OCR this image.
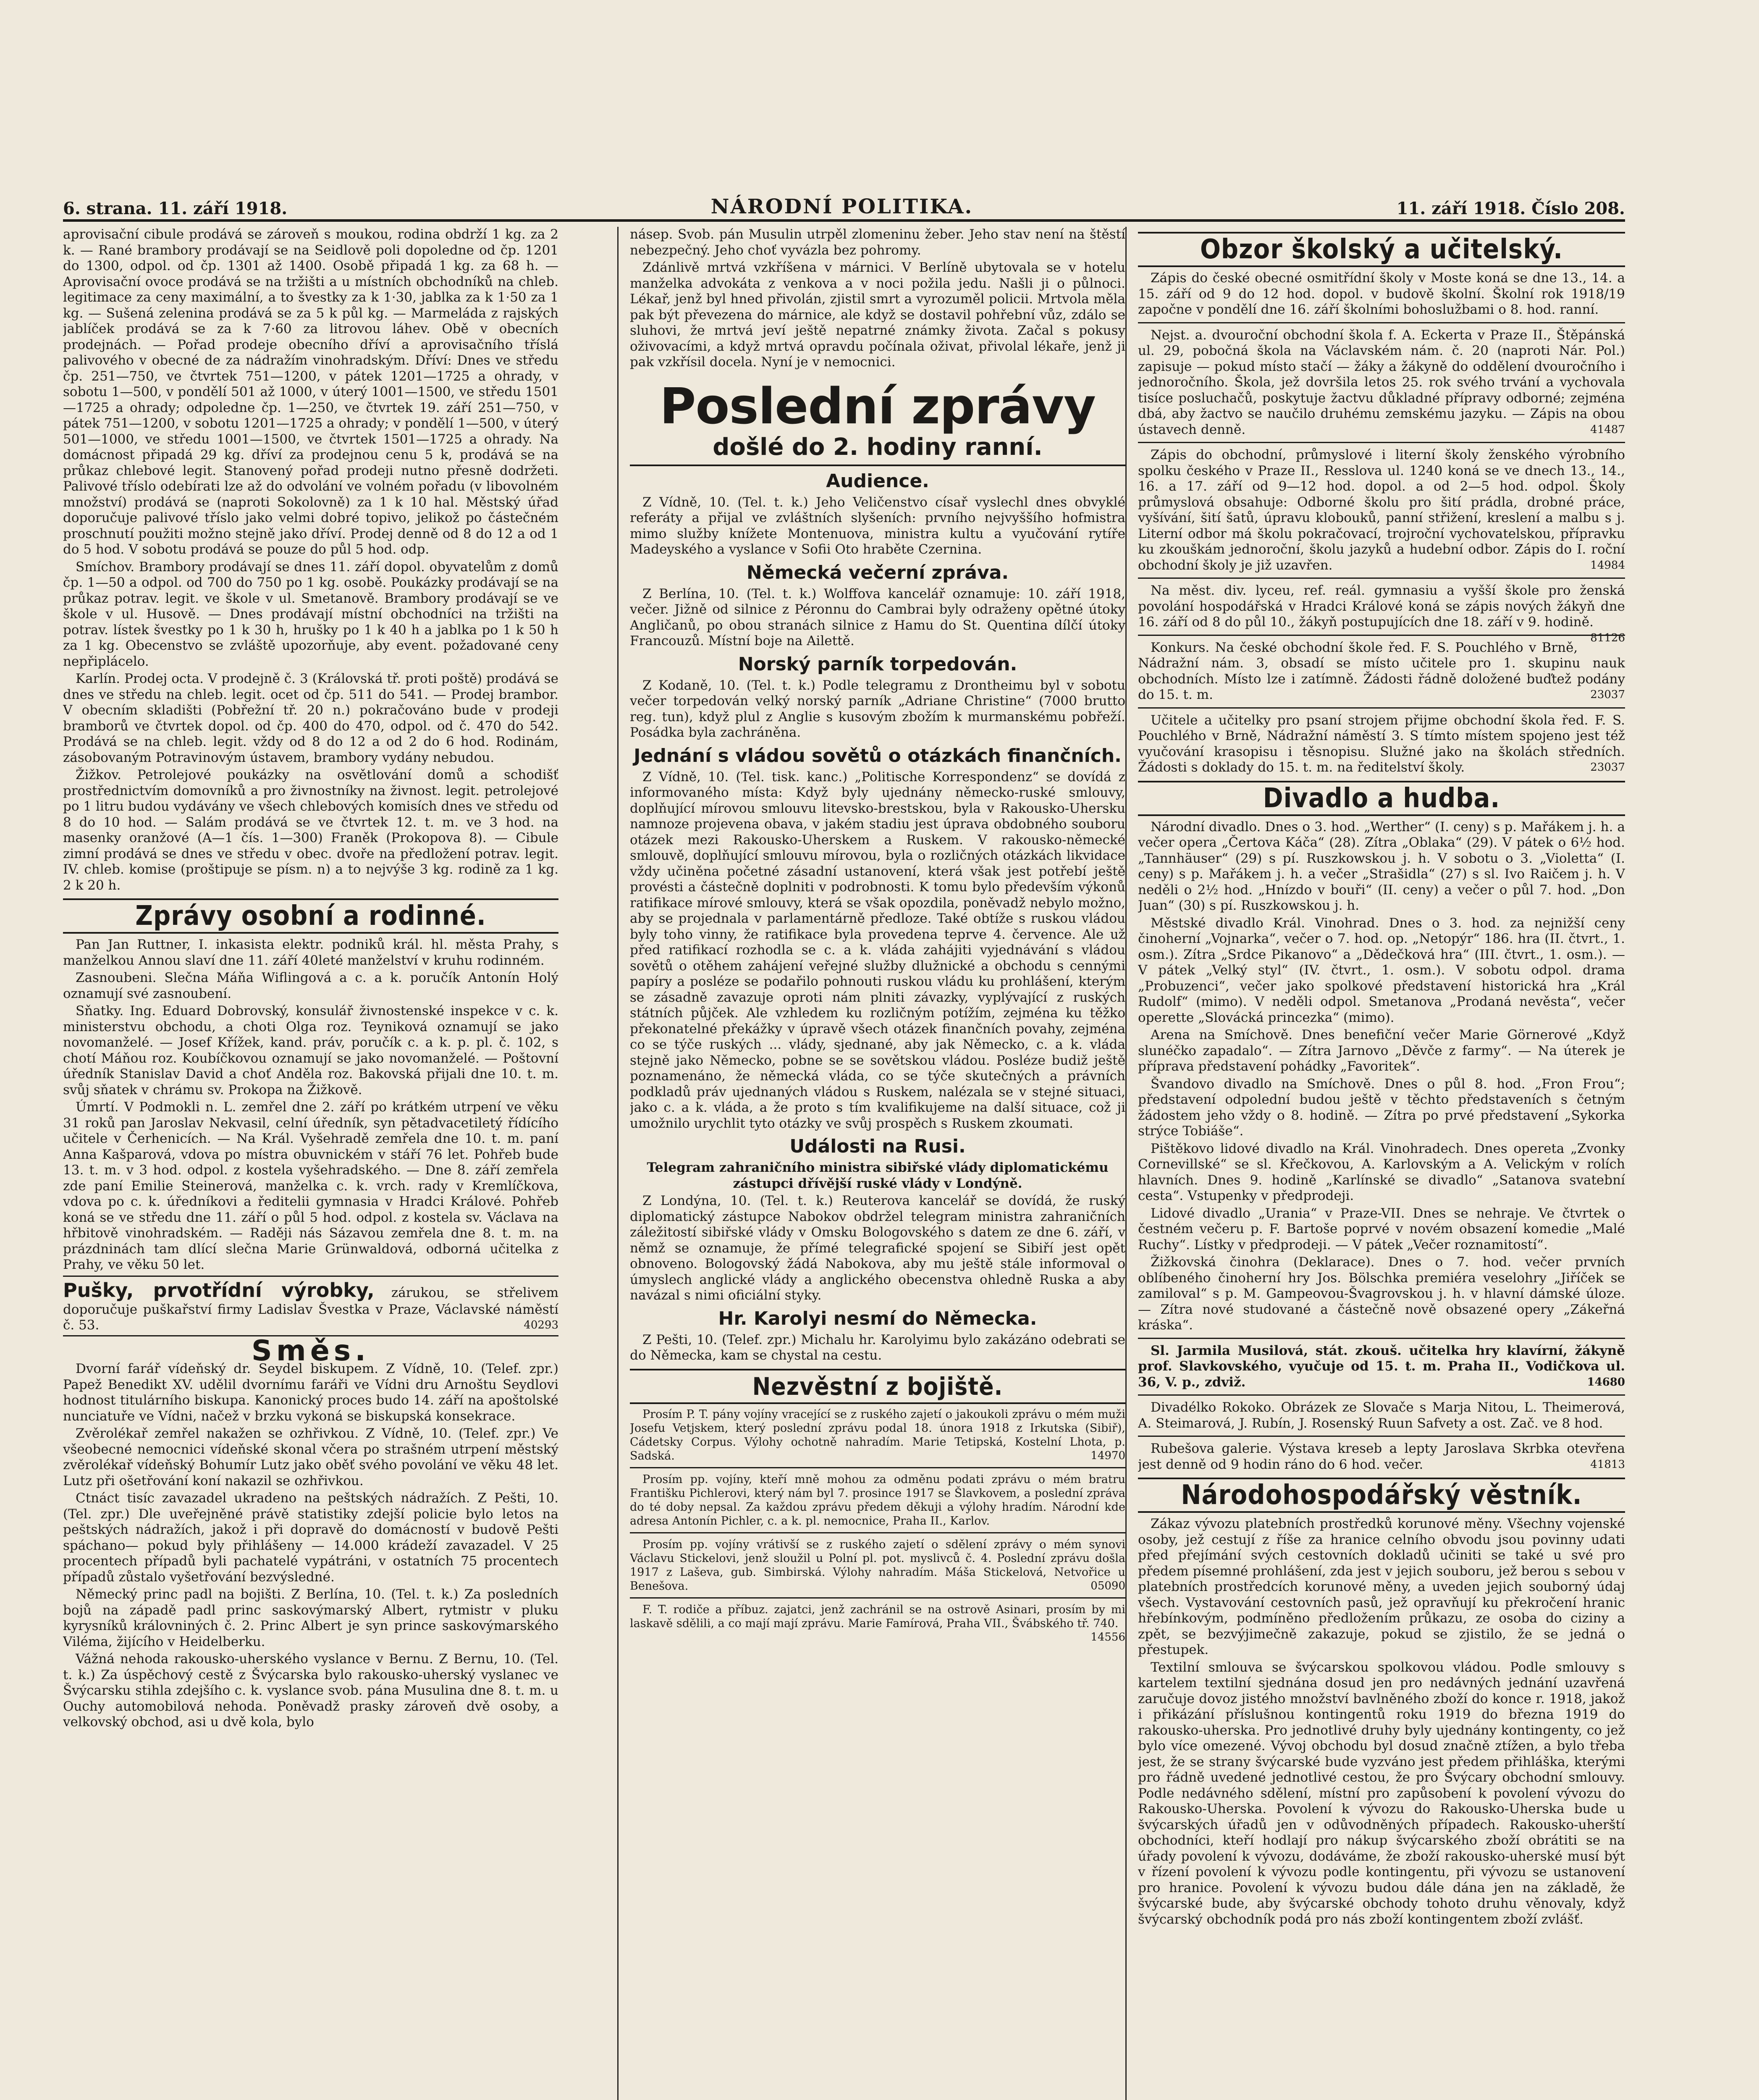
6. strana. 11. září 1918.	NÁRODNÍ POLITIKA.	11. září 1918. Číslo 208.

aprovisační cibule prodává se zároveň s moukou, rodina obdrží 1 kg. za 2 k. — Rané brambory prodávají se na Seidlově poli dopoledne od čp. 1201 do 1300, odpol. od čp. 1301 až 1400. Osobě připadá 1 kg. za 68 h. — Aprovisační ovoce prodává se na tržišti a u místních obchodníků na chleb. legitimace za ceny maximální, a to švestky za k 1·30, jablka za k 1·50 za 1 kg. — Sušená zelenina prodává se za 5 k půl kg. — Marmeláda z rajských jablíček prodává se za k 7·60 za litrovou láhev. Obě v obecních prodejnách. — Pořad prodeje obecního dříví a aprovisačního tříslá palivového v obecné de za nádražím vinohradským. Dříví: Dnes ve středu čp. 251—750, ve čtvrtek 751—1200, v pátek 1201—1725 a ohrady, v sobotu 1—500, v pondělí 501 až 1000, v úterý 1001—1500, ve středu 1501—1725 a ohrady; odpoledne čp. 1—250, ve čtvrtek 19. září 251—750, v pátek 751—1200, v sobotu 1201—1725 a ohrady; v pondělí 1—500, v úterý 501—1000, ve středu 1001—1500, ve čtvrtek 1501—1725 a ohrady. Na domácnost připadá 29 kg. dříví za prodejnou cenu 5 k, prodává se na průkaz chlebové legit. Stanovený pořad prodeji nutno přesně dodržeti. Palivové tříslo odebírati lze až do odvolání ve volném pořadu (v libovolném množství) prodává se (naproti Sokolovně) za 1 k 10 hal. Městský úřad doporučuje palivové tříslo jako velmi dobré topivo, jelikož po částečném proschnutí použiti možno stejně jako dříví. Prodej denně od 8 do 12 a od 1 do 5 hod. V sobotu prodává se pouze do půl 5 hod. odp.

Smíchov. Brambory prodávají se dnes 11. září dopol. obyvatelům z domů čp. 1—50 a odpol. od 700 do 750 po 1 kg. osobě. Poukázky prodávají se na průkaz potrav. legit. ve škole v ul. Smetanově. Brambory prodávají se ve škole v ul. Husově. — Dnes prodávají místní obchodníci na tržišti na potrav. lístek švestky po 1 k 30 h, hrušky po 1 k 40 h a jablka po 1 k 50 h za 1 kg. Obecenstvo se zvláště upozorňuje, aby event. požadované ceny nepřiplácelo.

Karlín. Prodej octa. V prodejně č. 3 (Královská tř. proti poště) prodává se dnes ve středu na chleb. legit. ocet od čp. 511 do 541. — Prodej brambor. V obecním skladišti (Pobřežní tř. 20 n.) pokračováno bude v prodeji bramborů ve čtvrtek dopol. od čp. 400 do 470, odpol. od č. 470 do 542. Prodává se na chleb. legit. vždy od 8 do 12 a od 2 do 6 hod. Rodinám, zásobovaným Potravinovým ústavem, brambory vydány nebudou.

Žižkov. Petrolejové poukázky na osvětlování domů a schodišť prostřednictvím domovníků a pro živnostníky na živnost. legit. petrolejové po 1 litru budou vydávány ve všech chlebových komisích dnes ve středu od 8 do 10 hod. — Salám prodává se ve čtvrtek 12. t. m. ve 3 hod. na masenky oranžové (A—1 čís. 1—300) Franěk (Prokopova 8). — Cibule zimní prodává se dnes ve středu v obec. dvoře na předložení potrav. legit. IV. chleb. komise (proštipuje se písm. n) a to nejvýše 3 kg. rodině za 1 kg. 2 k 20 h.

Zprávy osobní a rodinné.

Pan Jan Ruttner, I. inkasista elektr. podniků král. hl. města Prahy, s manželkou Annou slaví dne 11. září 40leté manželství v kruhu rodinném.

Zasnoubeni. Slečna Máňa Wiflingová a c. a k. poručík Antonín Holý oznamují své zasnoubení.

Sňatky. Ing. Eduard Dobrovský, konsulář živnostenské inspekce v c. k. ministerstvu obchodu, a choti Olga roz. Teyniková oznamují se jako novomanželé. — Josef Křížek, kand. práv, poručík c. a k. p. pl. č. 102, s chotí Máňou roz. Koubíčkovou oznamují se jako novomanželé. — Poštovní úředník Stanislav David a choť Anděla roz. Bakovská přijali dne 10. t. m. svůj sňatek v chrámu sv. Prokopa na Žižkově.

Úmrtí. V Podmokli n. L. zemřel dne 2. září po krátkém utrpení ve věku 31 roků pan Jaroslav Nekvasil, celní úředník, syn pětadvacetiletý řídícího učitele v Čerhenicích. — Na Král. Vyšehradě zemřela dne 10. t. m. paní Anna Kašparová, vdova po místra obuvnickém v stáří 76 let. Pohřeb bude 13. t. m. v 3 hod. odpol. z kostela vyšehradského. — Dne 8. září zemřela zde paní Emilie Steinerová, manželka c. k. vrch. rady v Kremlíčkova, vdova po c. k. úředníkovi a ředitelii gymnasia v Hradci Králové. Pohřeb koná se ve středu dne 11. září o půl 5 hod. odpol. z kostela sv. Václava na hřbitově vinohradském. — Raději nás Sázavou zemřela dne 8. t. m. na prázdninách tam dlící slečna Marie Grünwaldová, odborná učitelka z Prahy, ve věku 50 let.

Pušky, prvotřídní výrobky, zárukou, se střelivem doporučuje puškařství firmy Ladislav Švestka v Praze, Václavské náměstí č. 53.	40293
Směs.

Dvorní farář vídeňský dr. Seydel biskupem. Z Vídně, 10. (Telef. zpr.) Papež Benedikt XV. udělil dvornímu faráři ve Vídni dru Arnoštu Seydlovi hodnost titulárního biskupa. Kanonický proces budo 14. září na apoštolské nunciatuře ve Vídni, načež v brzku vykoná se biskupská konsekrace.

Zvěrolékař zemřel nakažen se ozhřivkou. Z Vídně, 10. (Telef. zpr.) Ve všeobecné nemocnici vídeňské skonal včera po strašném utrpení městský zvěrolékař vídeňský Bohumír Lutz jako oběť svého povolání ve věku 48 let. Lutz při ošetřování koní nakazil se ozhřivkou.

Ctnáct tisíc zavazadel ukradeno na peštských nádražích. Z Pešti, 10. (Tel. zpr.) Dle uveřejněné právě statistiky zdejší policie bylo letos na peštských nádražích, jakož i při dopravě do domácností v budově Pešti spáchano— pokud byly přihlášeny — 14.000 krádeží zavazadel. V 25 procentech případů byli pachatelé vypátráni, v ostatních 75 procentech případů zůstalo vyšetřování bezvýsledné.

Německý princ padl na bojišti. Z Berlína, 10. (Tel. t. k.) Za posledních bojů na západě padl princ saskovýmarský Albert, rytmistr v pluku kyrysníků královniných č. 2. Princ Albert je syn prince saskovýmarského Viléma, žijícího v Heidelberku.

Vážná nehoda rakousko-uherského vyslance v Bernu. Z Bernu, 10. (Tel. t. k.) Za úspěchový cestě z Švýcarska bylo rakousko-uherský vyslanec ve Švýcarsku stihla zdejšího c. k. vyslance svob. pána Musulina dne 8. t. m. u Ouchy automobilová nehoda. Poněvadž prasky zároveň dvě osoby, a velkovský obchod, asi u dvě kola, bylo

násep. Svob. pán Musulin utrpěl zlomeninu žeber. Jeho stav není na štěstí nebezpečný. Jeho choť vyvázla bez pohromy.

Zdánlivě mrtvá vzkříšena v márnici. V Berlíně ubytovala se v hotelu manželka advokáta z venkova a v noci požila jedu. Našli ji o půlnoci. Lékař, jenž byl hned přivolán, zjistil smrt a vyrozuměl policii. Mrtvola měla pak být převezena do márnice, ale když se dostavil pohřební vůz, zdálo se sluhovi, že mrtvá jeví ještě nepatrné známky života. Začal s pokusy oživovacími, a když mrtvá opravdu počínala oživat, přivolal lékaře, jenž ji pak vzkřísil docela. Nyní je v nemocnici.

Poslední zprávy
došlé do 2. hodiny ranní.
Audience.

Z Vídně, 10. (Tel. t. k.) Jeho Veličenstvo císař vyslechl dnes obvyklé referáty a přijal ve zvláštních slyšeních: prvního nejvyššího hofmistra mimo služby knížete Montenuova, ministra kultu a vyučování rytíře Madeyského a vyslance v Sofii Oto hraběte Czernina.

Německá večerní zpráva.

Z Berlína, 10. (Tel. t. k.) Wolffova kancelář oznamuje: 10. září 1918, večer. Jižně od silnice z Péronnu do Cambrai byly odraženy opětné útoky Angličanů, po obou stranách silnice z Hamu do St. Quentina dílčí útoky Francouzů. Místní boje na Ailettě.

Norský parník torpedován.

Z Kodaně, 10. (Tel. t. k.) Podle telegramu z Drontheimu byl v sobotu večer torpedován velký norský parník „Adriane Christine“ (7000 brutto reg. tun), když plul z Anglie s kusovým zbožím k murmanskému pobřeží. Posádka byla zachráněna.

Jednání s vládou sovětů o otázkách finančních.

Z Vídně, 10. (Tel. tisk. kanc.) „Politische Korrespondenz“ se dovídá z informovaného místa: Když byly ujednány německo-ruské smlouvy, doplňující mírovou smlouvu litevsko-brestskou, byla v Rakousko-Uhersku namnoze projevena obava, v jakém stadiu jest úprava obdobného souboru otázek mezi Rakousko-Uherskem a Ruskem. V rakousko-německé smlouvě, doplňující smlouvu mírovou, byla o rozličných otázkách likvidace vždy učiněna početné zásadní ustanovení, která však jest potřebí ještě provésti a částečně doplniti v podrobnosti. K tomu bylo především výkonů ratifikace mírové smlouvy, která se však opozdila, poněvadž nebylo možno, aby se projednala v parlamentárně předloze. Také obtíže s ruskou vládou byly toho vinny, že ratifikace byla provedena teprve 4. července. Ale už před ratifikací rozhodla se c. a k. vláda zahájiti vyjednávání s vládou sovětů o otěhem zahájení veřejné služby dlužnické a obchodu s cennými papíry a posléze se podařilo pohnouti ruskou vládu ku prohlášení, kterým se zásadně zavazuje oproti nám plniti závazky, vyplývající z ruských státních půjček. Ale vzhledem ku rozličným potížím, zejména ku těžko překonatelné překážky v úpravě všech otázek finančních povahy, zejména co se týče ruských ... vlády, sjednané, aby jak Německo, c. a k. vláda stejně jako Německo, pobne se se sovětskou vládou. Posléze budiž ještě poznamenáno, že německá vláda, co se týče skutečných a právních podkladů práv ujednaných vládou s Ruskem, nalézala se v stejné situaci, jako c. a k. vláda, a že proto s tím kvalifikujeme na další situace, což ji umožnilo urychlit tyto otázky ve svůj prospěch s Ruskem zkoumati.

Události na Rusi.

Telegram zahraničního ministra sibiřské vlády diplomatickému zástupci dřívější ruské vlády v Londýně.

Z Londýna, 10. (Tel. t. k.) Reuterova kancelář se dovídá, že ruský diplomatický zástupce Nabokov obdržel telegram ministra zahraničních záležitostí sibiřské vlády v Omsku Bologovského s datem ze dne 6. září, v němž se oznamuje, že přímé telegrafické spojení se Sibiří jest opět obnoveno. Bologovský žádá Nabokova, aby mu ještě stále informoval o úmyslech anglické vlády a anglického obecenstva ohledně Ruska a aby navázal s nimi oficiální styky.

Hr. Karolyi nesmí do Německa.

Z Pešti, 10. (Telef. zpr.) Michalu hr. Karolyimu bylo zakázáno odebrati se do Německa, kam se chystal na cestu.

Nezvěstní z bojiště.

Prosím P. T. pány vojíny vracející se z ruského zajetí o jakoukoli zprávu o mém muži Josefu Vetjskem, který poslední zprávu podal 18. února 1918 z Irkutska (Sibiř), Cádetsky Corpus. Výlohy ochotně nahradím. Marie Tetipská, Kostelní Lhota, p. Sadská.	14970

Prosím pp. vojíny, kteří mně mohou za odměnu podati zprávu o mém bratru Františku Pichlerovi, který nám byl 7. prosince 1917 se Šlavkovem, a poslední zpráva do té doby nepsal. Za každou zprávu předem děkuji a výlohy hradím. Národní kde adresa Antonín Pichler, c. a k. pl. nemocnice, Praha II., Karlov.

Prosím pp. vojíny vrátivší se z ruského zajetí o sdělení zprávy o mém synovi Václavu Stickelovi, jenž sloužil u Polní pl. pot. myslivců č. 4. Poslední zprávu došla 1917 z Laševa, gub. Simbirská. Výlohy nahradím. Máša Stickelová, Netvořice u Benešova.	05090

F. T. rodiče a příbuz. zajatci, jenž zachránil se na ostrově Asinari, prosím by mi laskavě sdělili, a co mají mají zprávu. Marie Famírová, Praha VII., Švábského tř. 740.
14556

Obzor školský a učitelský.

Zápis do české obecné osmitřídní školy v Moste koná se dne 13., 14. a 15. září od 9 do 12 hod. dopol. v budově školní. Školní rok 1918/19 započne v pondělí dne 16. září školními bohoslužbami o 8. hod. ranní.

Nejst. a. dvouroční obchodní škola f. A. Eckerta v Praze II., Štěpánská ul. 29, pobočná škola na Václavském nám. č. 20 (naproti Nár. Pol.) zapisuje — pokud místo stačí — žáky a žákyně do oddělení dvouročního i jednoročního. Škola, jež dovršila letos 25. rok svého trvání a vychovala tisíce posluchačů, poskytuje žactvu důkladné přípravy odborné; zejména dbá, aby žactvo se naučilo druhému zemskému jazyku. — Zápis na obou ústavech denně.	41487

Zápis do obchodní, průmyslové i literní školy ženského výrobního spolku českého v Praze II., Resslova ul. 1240 koná se ve dnech 13., 14., 16. a 17. září od 9—12 hod. dopol. a od 2—5 hod. odpol. Školy průmyslová obsahuje: Odborné školu pro šití prádla, drobné práce, vyšívání, šití šatů, úpravu klobouků, panní střižení, kreslení a malbu s j. Literní odbor má školu pokračovací, trojroční vychovatelskou, přípravku ku zkouškám jednoroční, školu jazyků a hudební odbor. Zápis do I. roční obchodní školy je již uzavřen.	14984

Na měst. div. lyceu, ref. reál. gymnasiu a vyšší škole pro ženská povolání hospodářská v Hradci Králové koná se zápis nových žákyň dne 16. září od 8 do půl 10., žákyň postupujících dne 18. září v 9. hodině.
81126

Konkurs. Na české obchodní škole řed. F. S. Pouchlého v Brně, Nádražní nám. 3, obsadí se místo učitele pro 1. skupinu nauk obchodních. Místo lze i zatímně. Žádosti řádně doložené buďtež podány do 15. t. m.	23037

Učitele a učitelky pro psaní strojem přijme obchodní škola řed. F. S. Pouchlého v Brně, Nádražní náměstí 3. S tímto místem spojeno jest též vyučování krasopisu i těsnopisu. Služné jako na školách středních. Žádosti s doklady do 15. t. m. na ředitelství školy.	23037

Divadlo a hudba.

Národní divadlo. Dnes o 3. hod. „Werther“ (I. ceny) s p. Mařákem j. h. a večer opera „Čertova Káča“ (28). Zítra „Oblaka“ (29). V pátek o 6½ hod. „Tannhäuser“ (29) s pí. Ruszkowskou j. h. V sobotu o 3. „Violetta“ (I. ceny) s p. Mařákem j. h. a večer „Strašidla“ (27) s sl. Ivo Raičem j. h. V neděli o 2½ hod. „Hnízdo v bouři“ (II. ceny) a večer o půl 7. hod. „Don Juan“ (30) s pí. Ruszkowskou j. h.

Městské divadlo Král. Vinohrad. Dnes o 3. hod. za nejnižší ceny činoherní „Vojnarka“, večer o 7. hod. op. „Netopýr“ 186. hra (II. čtvrt., 1. osm.). Zítra „Srdce Pikanovo“ a „Dědečková hra“ (III. čtvrt., 1. osm.). — V pátek „Velký styl“ (IV. čtvrt., 1. osm.). V sobotu odpol. drama „Probuzenci“, večer jako spolkové představení historická hra „Král Rudolf“ (mimo). V neděli odpol. Smetanova „Prodaná nevěsta“, večer operette „Slovácká princezka“ (mimo).

Arena na Smíchově. Dnes benefiční večer Marie Görnerové „Když slunéčko zapadalo“. — Zítra Jarnovo „Děvče z farmy“. — Na úterek je příprava představení pohádky „Favoritek“.

Švandovo divadlo na Smíchově. Dnes o půl 8. hod. „Fron Frou“; představení odpolední budou ještě v těchto představeních s četným žádostem jeho vždy o 8. hodině. — Zítra po prvé představení „Sykorka strýce Tobiáše“.

Pištěkovo lidové divadlo na Král. Vinohradech. Dnes opereta „Zvonky Cornevillské“ se sl. Křečkovou, A. Karlovským a A. Velickým v rolích hlavních. Dnes 9. hodině „Karlínské se divadlo“ „Satanova svatební cesta“. Vstupenky v předprodeji.

Lidové divadlo „Urania“ v Praze-VII. Dnes se nehraje. Ve čtvrtek o čestném večeru p. F. Bartoše poprvé v novém obsazení komedie „Malé Ruchy“. Lístky v předprodeji. — V pátek „Večer roznamitostí“.

Žižkovská činohra (Deklarace). Dnes o 7. hod. večer prvních oblíbeného činoherní hry Jos. Bölschka premiéra veselohry „Jiříček se zamiloval“ s p. M. Gampeovou-Švagrovskou j. h. v hlavní dámské úloze. — Zítra nové studované a částečně nově obsazené opery „Zákeřná kráska“.

Sl. Jarmila Musilová, stát. zkouš. učitelka hry klavírní, žákyně prof. Slavkovského, vyučuje od 15. t. m. Praha II., Vodičkova ul. 36, V. p., zdviž.	14680

Divadélko Rokoko. Obrázek ze Slovače s Marja Nitou, L. Theimerová, A. Steimarová, J. Rubín, J. Rosenský Ruun Safvety a ost. Zač. ve 8 hod.

Rubešova galerie. Výstava kreseb a lepty Jaroslava Skrbka otevřena jest denně od 9 hodin ráno do 6 hod. večer.	41813

Národohospodářský věstník.

Zákaz vývozu platebních prostředků korunové měny. Všechny vojenské osoby, jež cestují z říše za hranice celního obvodu jsou povinny udati před přejímání svých cestovních dokladů učiniti se také u své pro předem písemné prohlášení, zda jest v jejich souboru, jež berou s sebou v platebních prostředcích korunové měny, a uveden jejich souborný údaj všech. Vystavování cestovních pasů, jež opravňují ku překročení hranic hřebínkovým, podmíněno předložením průkazu, ze osoba do ciziny a zpět, se bezvýjimečně zakazuje, pokud se zjistilo, že se jedná o přestupek.

Textilní smlouva se švýcarskou spolkovou vládou. Podle smlouvy s kartelem textilní sjednána dosud jen pro nedávných jednání uzavřená zaručuje dovoz jistého množství bavlněného zboží do konce r. 1918, jakož i přikázání příslušnou kontingentů roku 1919 do března 1919 do rakousko-uherska. Pro jednotlivé druhy byly ujednány kontingenty, co jež bylo více omezené. Vývoj obchodu byl dosud značně ztížen, a bylo třeba jest, že se strany švýcarské bude vyzváno jest předem přihláška, kterými pro řádně uvedené jednotlivé cestou, že pro Švýcary obchodní smlouvy. Podle nedávného sdělení, místní pro zapůsobení k povolení vývozu do Rakousko-Uherska. Povolení k vývozu do Rakousko-Uherska bude u švýcarských úřadů jen v odůvodněných případech. Rakousko-uherští obchodníci, kteří hodlají pro nákup švýcarského zboží obrátiti se na úřady povolení k vývozu, dodáváme, že zboží rakousko-uherské musí být v řízení povolení k vývozu podle kontingentu, při vývozu se ustanovení pro hranice. Povolení k vývozu budou dále dána jen na základě, že švýcarské bude, aby švýcarské obchody tohoto druhu věnovaly, když švýcarský obchodník podá pro nás zboží kontingentem zboží zvlášť.
